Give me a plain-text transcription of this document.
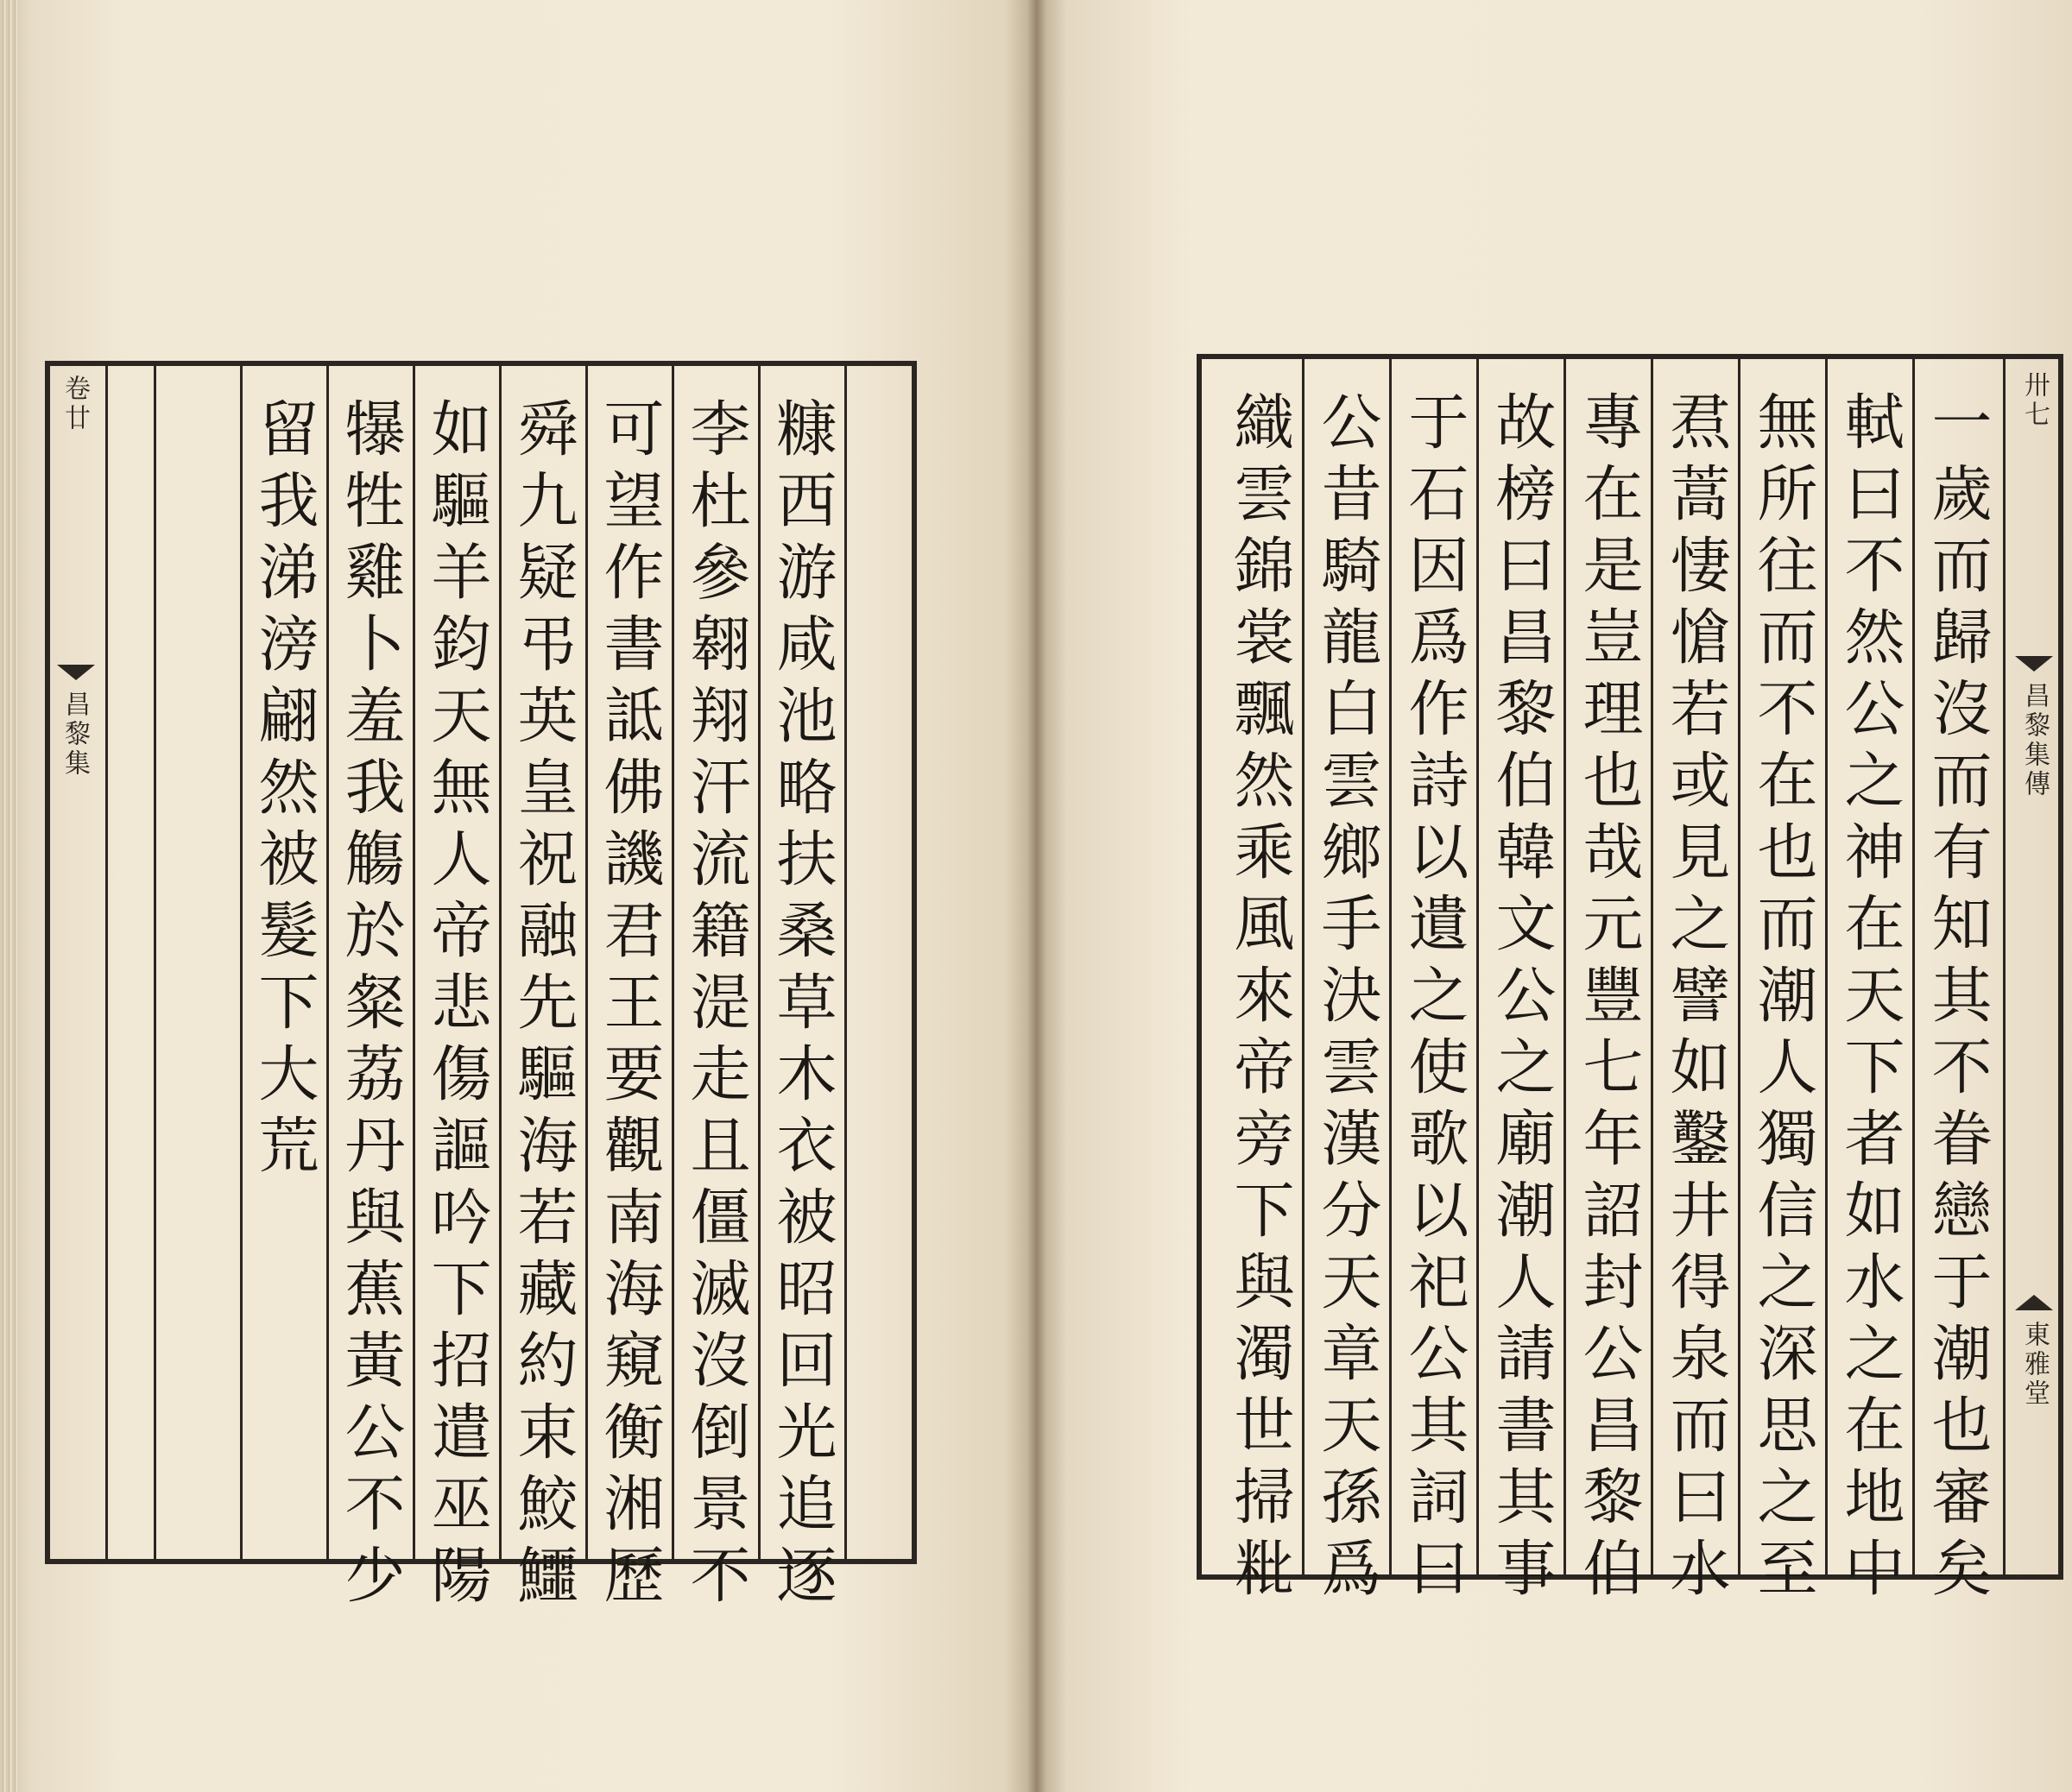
卷廿
昌黎集	糠西游咸池略扶桑草木衣被昭回光追逐
李杜參翱翔汗流籍湜走且僵滅沒倒景不
可望作書詆佛譏君王要觀南海窺衡湘歷
舜九疑弔英皇祝融先驅海若藏約束鮫鱷
如驅羊鈞天無人帝悲傷謳吟下招遣巫陽
犦牲雞卜羞我觴於粲荔丹與蕉黃公不少
留我涕滂翩然被髮下大荒	卅七
昌黎集傳
東雅堂
一歲而歸沒而有知其不眷戀于潮也審矣
軾曰不然公之神在天下者如水之在地中
無所往而不在也而潮人獨信之深思之至
焄蒿悽愴若或見之譬如鑿井得泉而曰水
專在是豈理也哉元豐七年詔封公昌黎伯
故榜曰昌黎伯韓文公之廟潮人請書其事
于石因爲作詩以遺之使歌以祀公其詞曰
公昔騎龍白雲鄉手決雲漢分天章天孫爲
織雲錦裳飄然乘風來帝旁下與濁世掃粃
